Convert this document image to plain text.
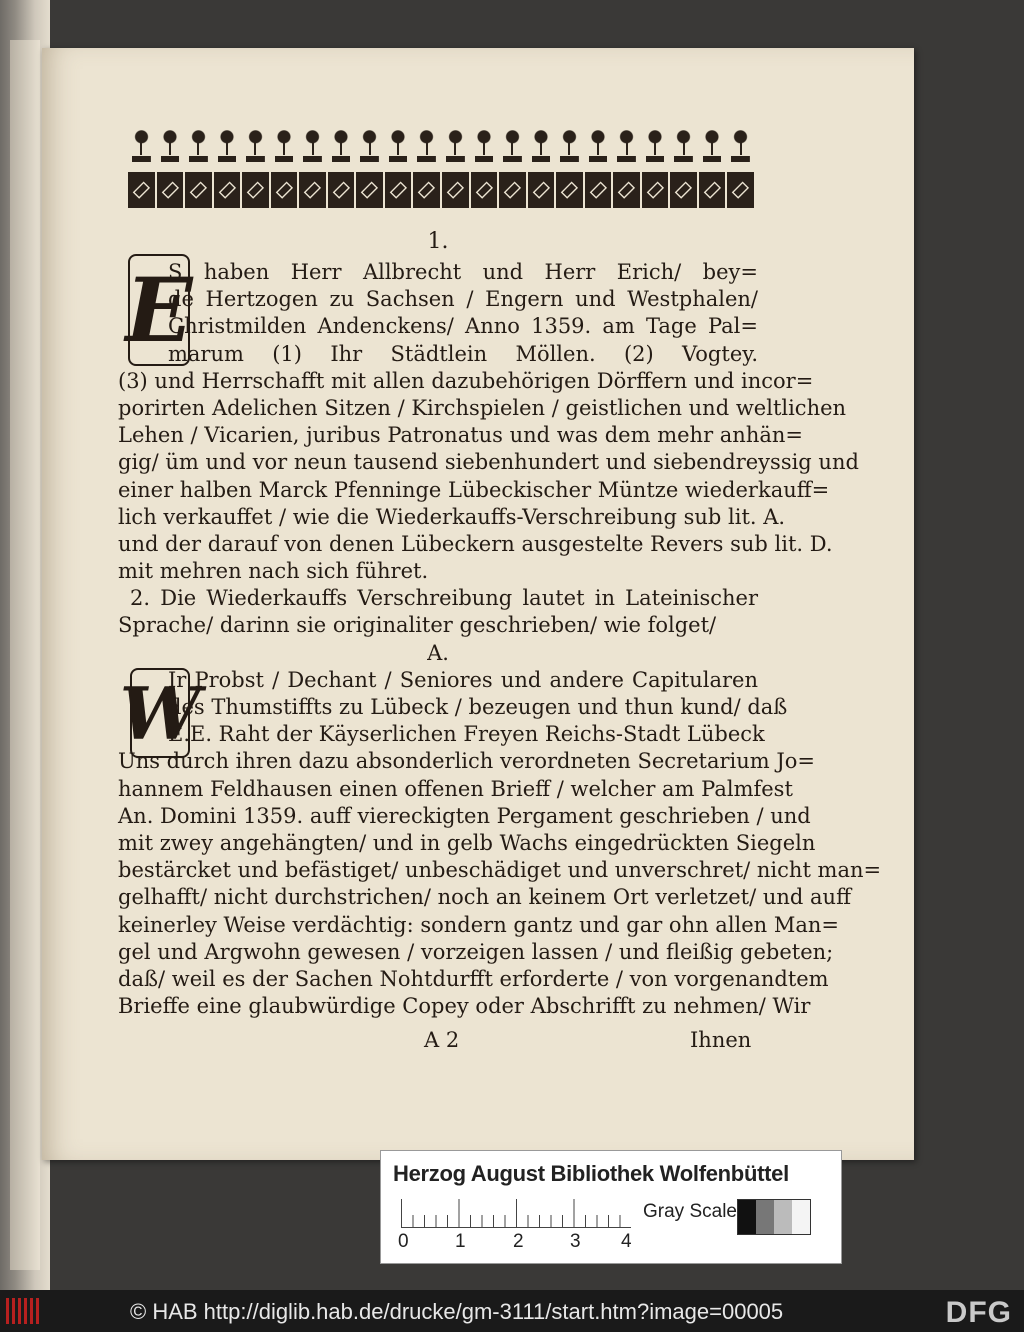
E
W
1.
S haben Herr Allbrecht und Herr Erich/ bey=
de Hertzogen zu Sachsen / Engern und Westphalen/
Christmilden Andenckens/ Anno 1359. am Tage Pal=
marum (1) Ihr Städtlein Möllen. (2) Vogtey.
(3) und Herrschafft mit allen dazubehörigen Dörffern und incor=
porirten Adelichen Sitzen / Kirchspielen / geistlichen und weltlichen
Lehen / Vicarien, juribus Patronatus und was dem mehr anhän=
gig/ üm und vor neun tausend siebenhundert und siebendreyssig und
einer halben Marck Pfenninge Lübeckischer Müntze wiederkauff=
lich verkauffet / wie die Wiederkauffs-Verschreibung sub lit. A.
und der darauf von denen Lübeckern ausgestelte Revers sub lit. D.
mit mehren nach sich führet.
2. Die Wiederkauffs Verschreibung lautet in Lateinischer
Sprache/ darinn sie originaliter geschrieben/ wie folget/
A.
Ir Probst / Dechant / Seniores und andere Capitularen
des Thumstiffts zu Lübeck / bezeugen und thun kund/ daß
E.E. Raht der Käyserlichen Freyen Reichs-Stadt Lübeck
Uns durch ihren dazu absonderlich verordneten Secretarium Jo=
hannem Feldhausen einen offenen Brieff / welcher am Palmfest
An. Domini 1359. auff viereckigten Pergament geschrieben / und
mit zwey angehängten/ und in gelb Wachs eingedrückten Siegeln
bestärcket und befästiget/ unbeschädiget und unverschret/ nicht man=
gelhafft/ nicht durchstrichen/ noch an keinem Ort verletzet/ und auff
keinerley Weise verdächtig: sondern gantz und gar ohn allen Man=
gel und Argwohn gewesen / vorzeigen lassen / und fleißig gebeten;
daß/ weil es der Sachen Nohtdurfft erforderte / von vorgenandtem
Brieffe eine glaubwürdige Copey oder Abschrifft zu nehmen/ Wir
A 2	Ihnen
Herzog August Bibliothek Wolfenbüttel
0 1 2 3 4
Gray Scale
© HAB http://diglib.hab.de/drucke/gm-3111/start.htm?image=00005	DFG
